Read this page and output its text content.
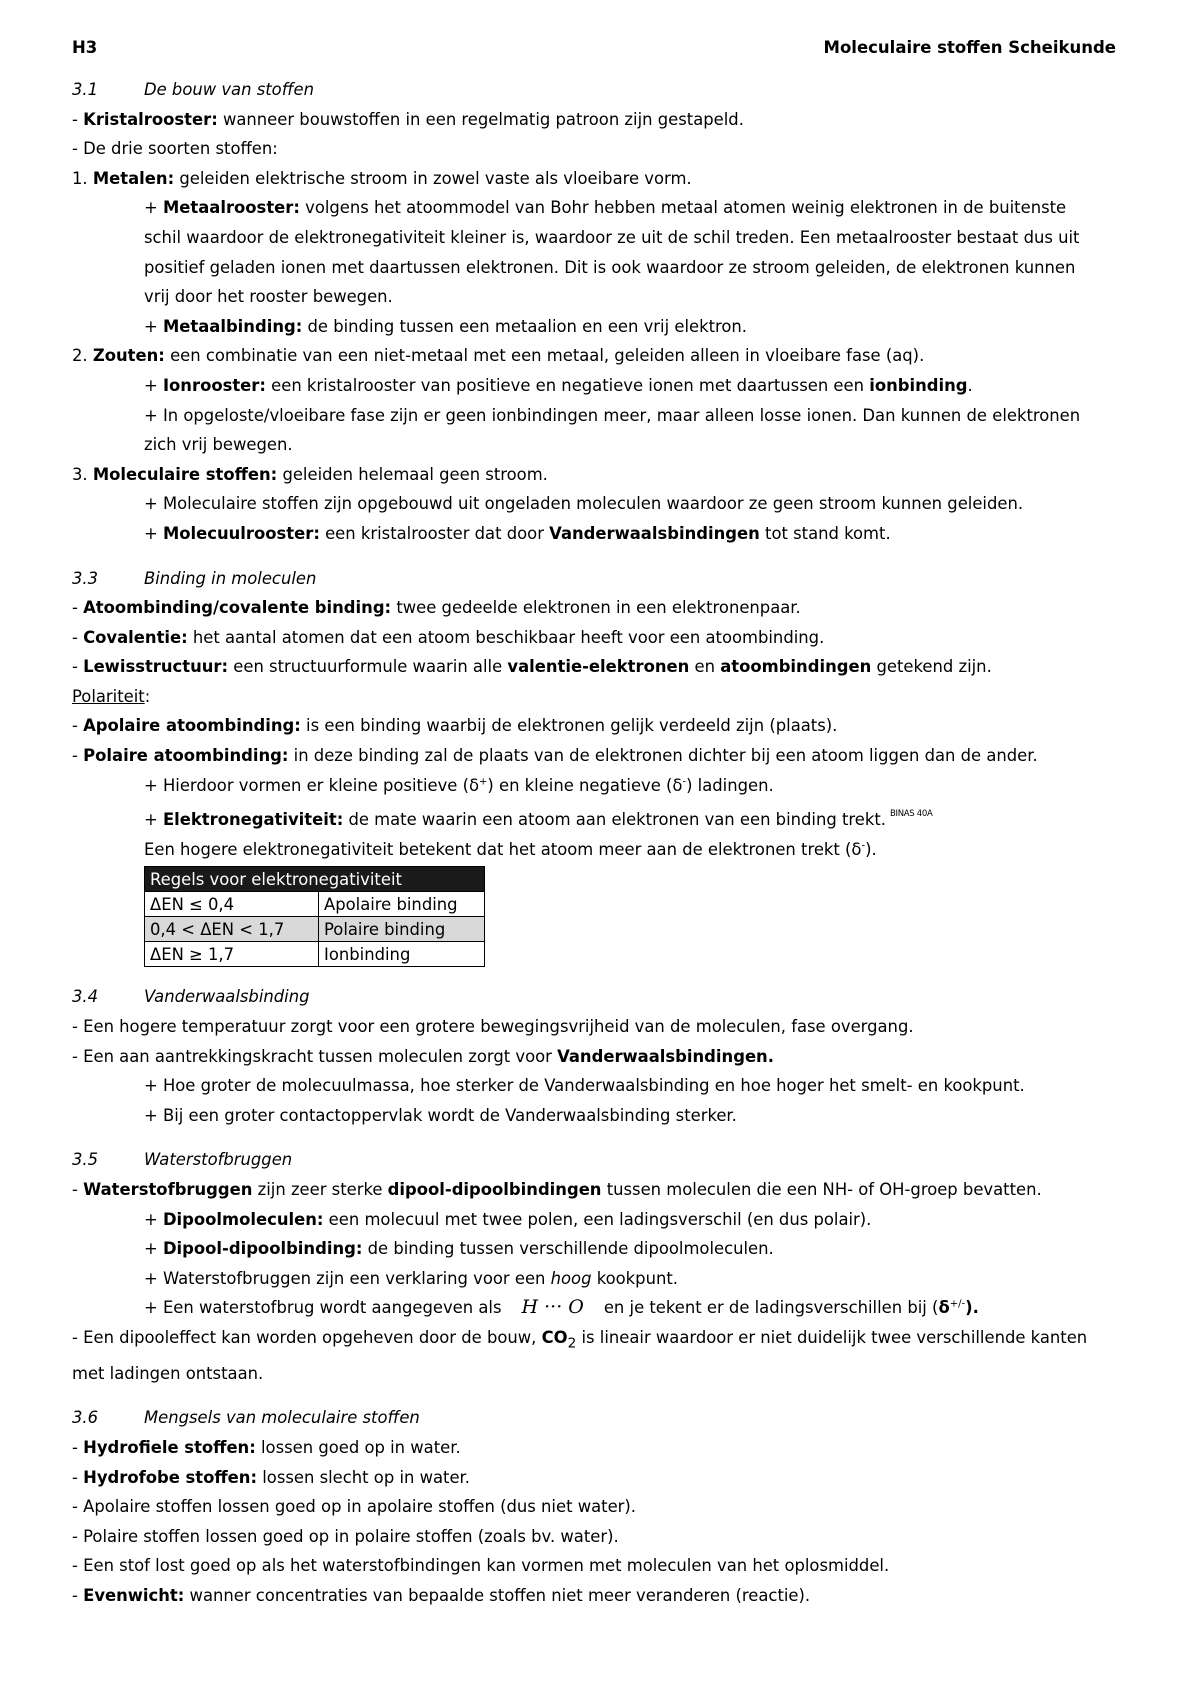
H3	Moleculaire stoffen Scheikunde
3.1	De bouw van stoffen
- Kristalrooster: wanneer bouwstoffen in een regelmatig patroon zijn gestapeld.
- De drie soorten stoffen:
1. Metalen: geleiden elektrische stroom in zowel vaste als vloeibare vorm.
+ Metaalrooster: volgens het atoommodel van Bohr hebben metaal atomen weinig elektronen in de buitenste schil waardoor de elektronegativiteit kleiner is, waardoor ze uit de schil treden. Een metaalrooster bestaat dus uit positief geladen ionen met daartussen elektronen. Dit is ook waardoor ze stroom geleiden, de elektronen kunnen vrij door het rooster bewegen.
+ Metaalbinding: de binding tussen een metaalion en een vrij elektron.
2. Zouten: een combinatie van een niet-metaal met een metaal, geleiden alleen in vloeibare fase (aq).
+ Ionrooster: een kristalrooster van positieve en negatieve ionen met daartussen een ionbinding.
+ In opgeloste/vloeibare fase zijn er geen ionbindingen meer, maar alleen losse ionen. Dan kunnen de elektronen zich vrij bewegen.
3. Moleculaire stoffen: geleiden helemaal geen stroom.
+ Moleculaire stoffen zijn opgebouwd uit ongeladen moleculen waardoor ze geen stroom kunnen geleiden.
+ Molecuulrooster: een kristalrooster dat door Vanderwaalsbindingen tot stand komt.
3.3	Binding in moleculen
- Atoombinding/covalente binding: twee gedeelde elektronen in een elektronenpaar.
- Covalentie: het aantal atomen dat een atoom beschikbaar heeft voor een atoombinding.
- Lewisstructuur: een structuurformule waarin alle valentie-elektronen en atoombindingen getekend zijn.
Polariteit:
- Apolaire atoombinding: is een binding waarbij de elektronen gelijk verdeeld zijn (plaats).
- Polaire atoombinding: in deze binding zal de plaats van de elektronen dichter bij een atoom liggen dan de ander.
+ Hierdoor vormen er kleine positieve (δ+) en kleine negatieve (δ-) ladingen.
+ Elektronegativiteit: de mate waarin een atoom aan elektronen van een binding trekt. $^{BINAS 40A}$
Een hogere elektronegativiteit betekent dat het atoom meer aan de elektronen trekt (δ-).
Regels voor elektronegativiteit	
ΔEN ≤ 0,4	Apolaire binding
0,4 < ΔEN < 1,7	Polaire binding
ΔEN ≥ 1,7	Ionbinding
3.4	Vanderwaalsbinding
- Een hogere temperatuur zorgt voor een grotere bewegingsvrijheid van de moleculen, fase overgang.
- Een aan aantrekkingskracht tussen moleculen zorgt voor Vanderwaalsbindingen.
+ Hoe groter de molecuulmassa, hoe sterker de Vanderwaalsbinding en hoe hoger het smelt- en kookpunt.
+ Bij een groter contactoppervlak wordt de Vanderwaalsbinding sterker.
3.5	Waterstofbruggen
- Waterstofbruggen zijn zeer sterke dipool-dipoolbindingen tussen moleculen die een NH- of OH-groep bevatten.
+ Dipoolmoleculen: een molecuul met twee polen, een ladingsverschil (en dus polair).
+ Dipool-dipoolbinding: de binding tussen verschillende dipoolmoleculen.
+ Waterstofbruggen zijn een verklaring voor een hoog kookpunt.
+ Een waterstofbrug wordt aangegeven als H ··· O en je tekent er de ladingsverschillen bij (δ+/-).
- Een dipooleffect kan worden opgeheven door de bouw, $CO_2$ is lineair waardoor er niet duidelijk twee verschillende kanten met ladingen ontstaan.
3.6	Mengsels van moleculaire stoffen
- Hydrofiele stoffen: lossen goed op in water.
- Hydrofobe stoffen: lossen slecht op in water.
- Apolaire stoffen lossen goed op in apolaire stoffen (dus niet water).
- Polaire stoffen lossen goed op in polaire stoffen (zoals bv. water).
- Een stof lost goed op als het waterstofbindingen kan vormen met moleculen van het oplosmiddel.
- Evenwicht: wanner concentraties van bepaalde stoffen niet meer veranderen (reactie).
